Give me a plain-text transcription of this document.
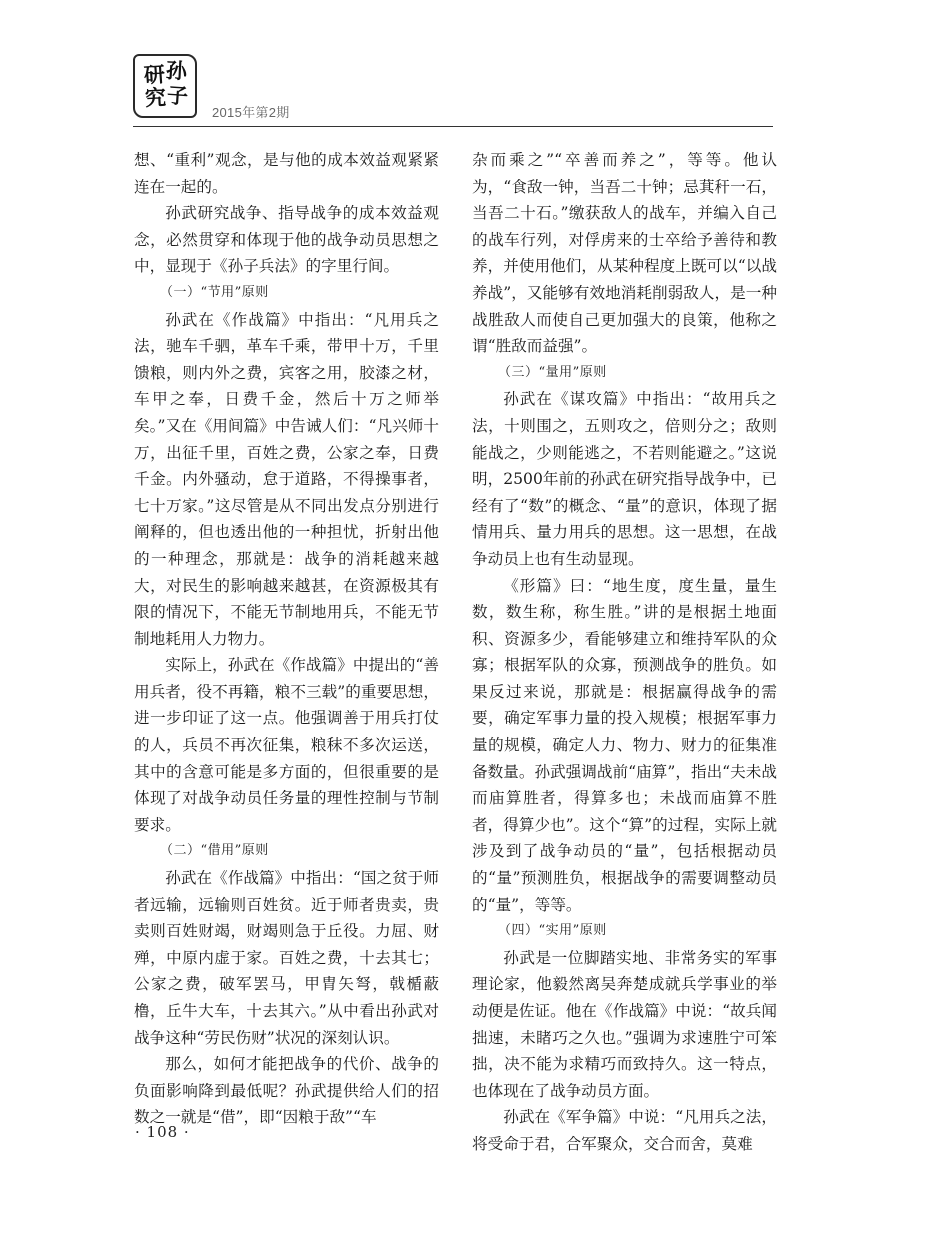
研 孙
究 子
2015年第2期

想、“重利”观念，是与他的成本效益观紧紧连在一起的。

孙武研究战争、指导战争的成本效益观念，必然贯穿和体现于他的战争动员思想之中，显现于《孙子兵法》的字里行间。

（一）“节用”原则

孙武在《作战篇》中指出：“凡用兵之法，驰车千驷，革车千乘，带甲十万，千里馈粮，则内外之费，宾客之用，胶漆之材，车甲之奉，日费千金，然后十万之师举矣。”又在《用间篇》中告诫人们：“凡兴师十万，出征千里，百姓之费，公家之奉，日费千金。内外骚动，怠于道路，不得操事者，七十万家。”这尽管是从不同出发点分别进行阐释的，但也透出他的一种担忧，折射出他的一种理念，那就是：战争的消耗越来越大，对民生的影响越来越甚，在资源极其有限的情况下，不能无节制地用兵，不能无节制地耗用人力物力。

实际上，孙武在《作战篇》中提出的“善用兵者，役不再籍，粮不三载”的重要思想，进一步印证了这一点。他强调善于用兵打仗的人，兵员不再次征集，粮秣不多次运送，其中的含意可能是多方面的，但很重要的是体现了对战争动员任务量的理性控制与节制要求。

（二）“借用”原则

孙武在《作战篇》中指出：“国之贫于师者远输，远输则百姓贫。近于师者贵卖，贵卖则百姓财竭，财竭则急于丘役。力屈、财殚，中原内虚于家。百姓之费，十去其七；公家之费，破军罢马，甲胄矢弩，戟楯蔽橹，丘牛大车，十去其六。”从中看出孙武对战争这种“劳民伤财”状况的深刻认识。

那么，如何才能把战争的代价、战争的负面影响降到最低呢？孙武提供给人们的招数之一就是“借”，即“因粮于敌”“车

杂而乘之”“卒善而养之”，等等。他认为，“食敌一钟，当吾二十钟；忌萁秆一石，当吾二十石。”缴获敌人的战车，并编入自己的战车行列，对俘虏来的士卒给予善待和教养，并使用他们，从某种程度上既可以“以战养战”，又能够有效地消耗削弱敌人，是一种战胜敌人而使自己更加强大的良策，他称之谓“胜敌而益强”。

（三）“量用”原则

孙武在《谋攻篇》中指出：“故用兵之法，十则围之，五则攻之，倍则分之；敌则能战之，少则能逃之，不若则能避之。”这说明，2500年前的孙武在研究指导战争中，已经有了“数”的概念、“量”的意识，体现了据情用兵、量力用兵的思想。这一思想，在战争动员上也有生动显现。

《形篇》曰：“地生度，度生量，量生数，数生称，称生胜。”讲的是根据土地面积、资源多少，看能够建立和维持军队的众寡；根据军队的众寡，预测战争的胜负。如果反过来说，那就是：根据赢得战争的需要，确定军事力量的投入规模；根据军事力量的规模，确定人力、物力、财力的征集准备数量。孙武强调战前“庙算”，指出“夫未战而庙算胜者，得算多也；未战而庙算不胜者，得算少也”。这个“算”的过程，实际上就涉及到了战争动员的“量”，包括根据动员的“量”预测胜负，根据战争的需要调整动员的“量”，等等。

（四）“实用”原则

孙武是一位脚踏实地、非常务实的军事理论家，他毅然离吴奔楚成就兵学事业的举动便是佐证。他在《作战篇》中说：“故兵闻拙速，未睹巧之久也。”强调为求速胜宁可笨拙，决不能为求精巧而致持久。这一特点，也体现在了战争动员方面。

孙武在《军争篇》中说：“凡用兵之法，将受命于君，合军聚众，交合而舍，莫难

· 108 ·
